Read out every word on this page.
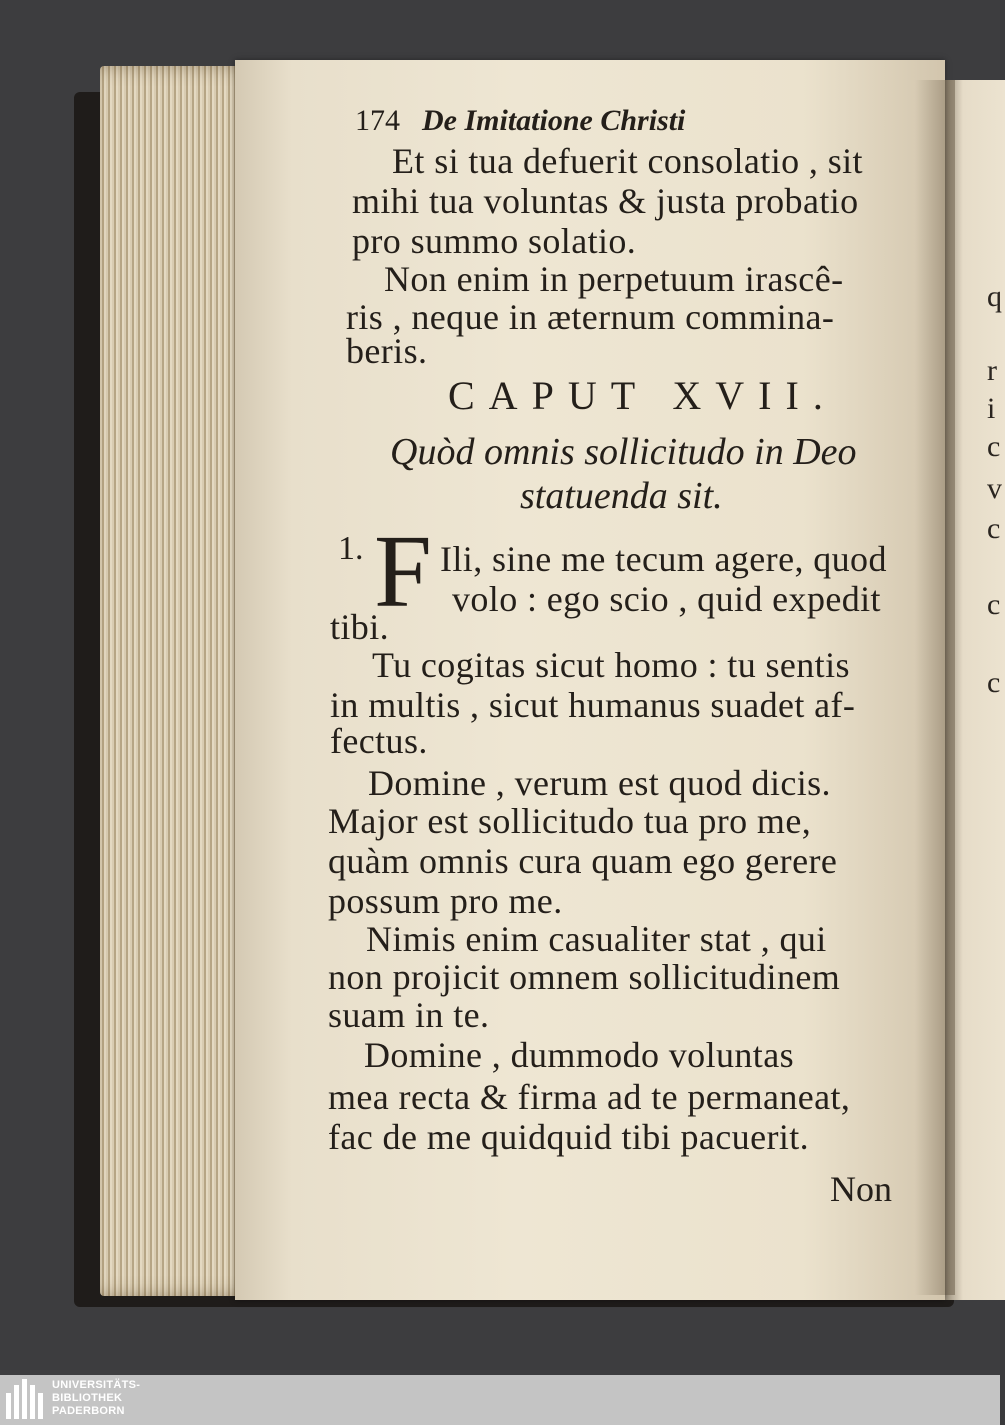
q
r
i
c
v
c
c
c
174 De Imitatione Christi
Et si tua defuerit consolatio , sit
mihi tua voluntas & justa probatio
pro summo solatio.
Non enim in perpetuum irascê-
ris , neque in æternum comminа-
beris.
CAPUT XVII.
Quòd omnis sollicitudo in Deo
statuenda sit.
1. F Ili, sine me tecum agere, quod
volo : ego scio , quid expedit
tibi.
Tu cogitas sicut homo : tu sentis
in multis , sicut humanus suadet af-
fectus.
Domine , verum est quod dicis.
Major est sollicitudo tua pro me,
quàm omnis cura quam ego gerere
possum pro me.
Nimis enim casualiter stat , qui
non projicit omnem sollicitudinem
suam in te.
Domine , dummodo voluntas
mea recta & firma ad te permaneat,
fac de me quidquid tibi pacuerit.
Non
UNIVERSITÄTS-
BIBLIOTHEK
PADERBORN
